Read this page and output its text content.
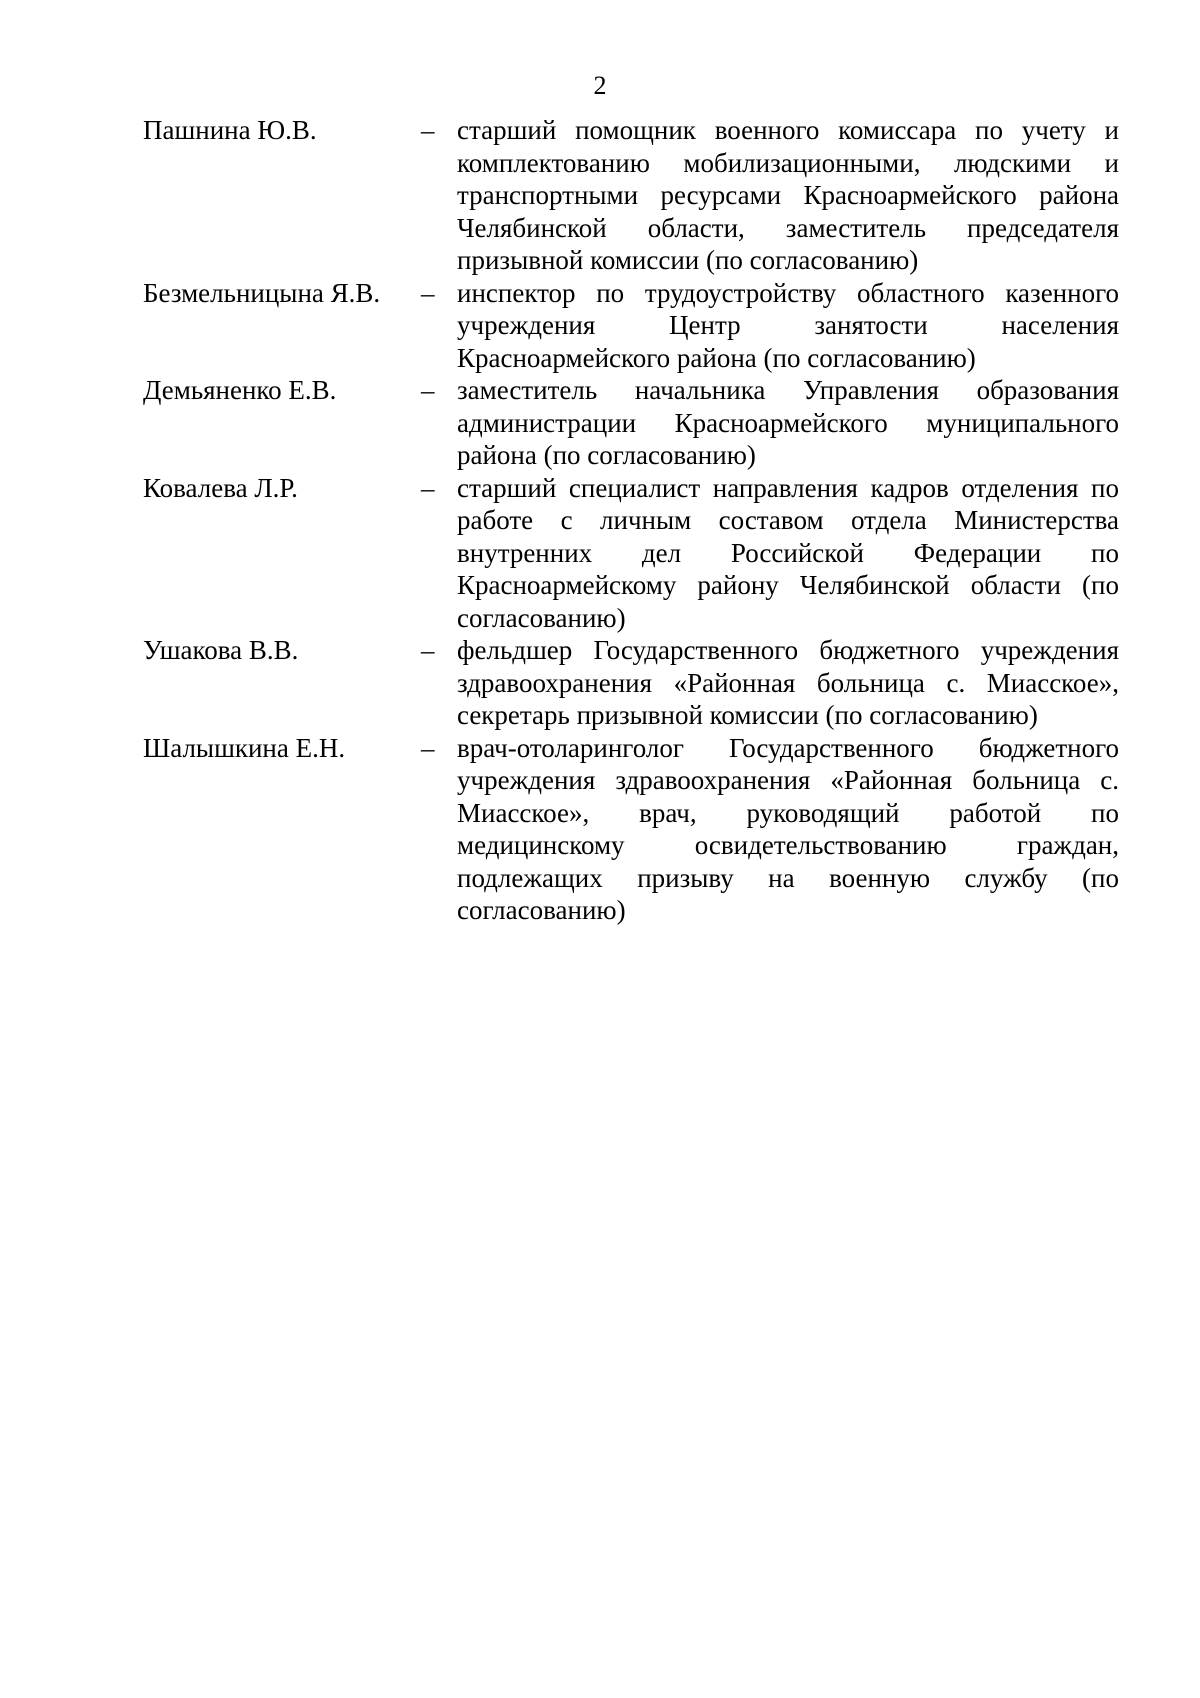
2
Пашнина Ю.В.	– старший помощник военного комиссара по учету и комплектованию мобилизационными, людскими и транспортными ресурсами Красноармейского района Челябинской области, заместитель председателя призывной комиссии (по согласованию)
Безмельницына Я.В.	– инспектор по трудоустройству областного казенного учреждения Центр занятости населения Красноармейского района (по согласованию)
Демьяненко Е.В.	– заместитель начальника Управления образования администрации Красноармейского муниципального района (по согласованию)
Ковалева Л.Р.	– старший специалист направления кадров отделения по работе с личным составом отдела Министерства внутренних дел Российской Федерации по Красноармейскому району Челябинской области (по согласованию)
Ушакова В.В.	– фельдшер Государственного бюджетного учреждения здравоохранения «Районная больница с. Миасское», секретарь призывной комиссии (по согласованию)
Шалышкина Е.Н.	– врач-отоларинголог Государственного бюджетного учреждения здравоохранения «Районная больница с. Миасское», врач, руководящий работой по медицинскому освидетельствованию граждан, подлежащих призыву на военную службу (по согласованию)
